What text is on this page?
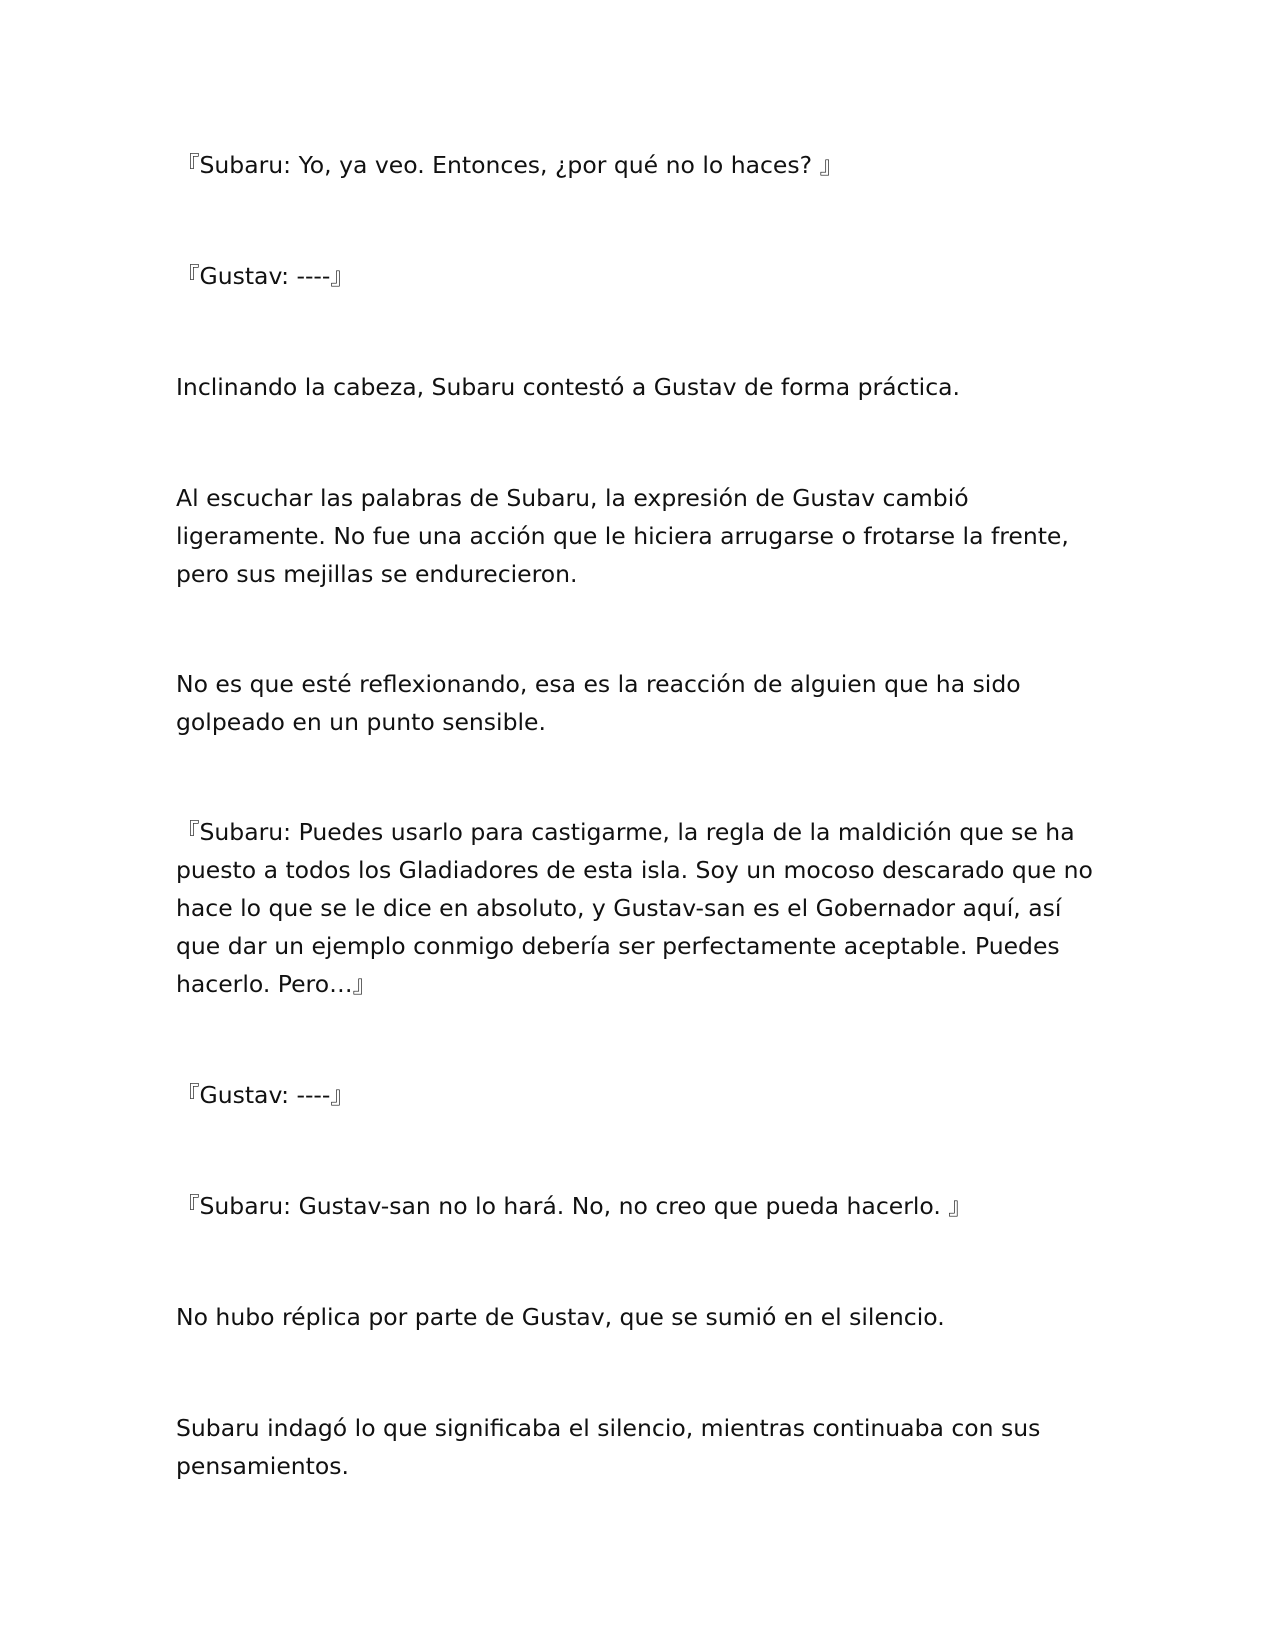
『Subaru: Yo, ya veo. Entonces, ¿por qué no lo haces? 』

『Gustav: ----』

Inclinando la cabeza, Subaru contestó a Gustav de forma práctica.

Al escuchar las palabras de Subaru, la expresión de Gustav cambió ligeramente. No fue una acción que le hiciera arrugarse o frotarse la frente, pero sus mejillas se endurecieron.

No es que esté reflexionando, esa es la reacción de alguien que ha sido golpeado en un punto sensible.

『Subaru: Puedes usarlo para castigarme, la regla de la maldición que se ha puesto a todos los Gladiadores de esta isla. Soy un mocoso descarado que no hace lo que se le dice en absoluto, y Gustav-san es el Gobernador aquí, así que dar un ejemplo conmigo debería ser perfectamente aceptable. Puedes hacerlo. Pero…』

『Gustav: ----』

『Subaru: Gustav-san no lo hará. No, no creo que pueda hacerlo. 』

No hubo réplica por parte de Gustav, que se sumió en el silencio.

Subaru indagó lo que significaba el silencio, mientras continuaba con sus pensamientos.
